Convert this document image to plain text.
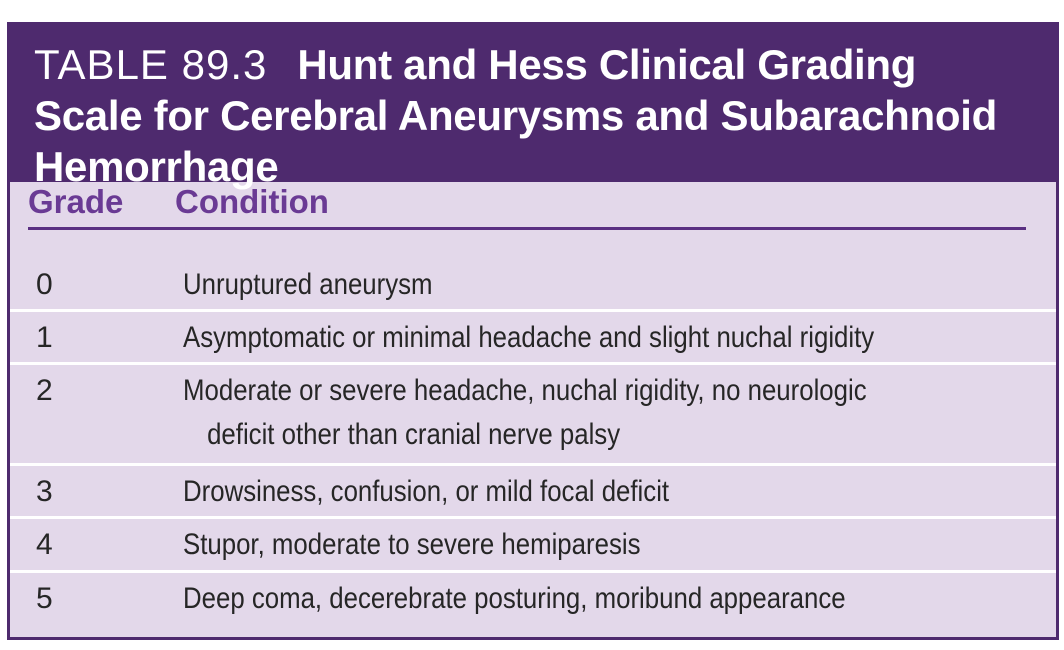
TABLE 89.3 Hunt and Hess Clinical Grading Scale for Cerebral Aneurysms and Subarachnoid Hemorrhage
Grade Condition
0	Unruptured aneurysm
1	Asymptomatic or minimal headache and slight nuchal rigidity
2	Moderate or severe headache, nuchal rigidity, no neurologic
deficit other than cranial nerve palsy
3	Drowsiness, confusion, or mild focal deficit
4	Stupor, moderate to severe hemiparesis
5	Deep coma, decerebrate posturing, moribund appearance
